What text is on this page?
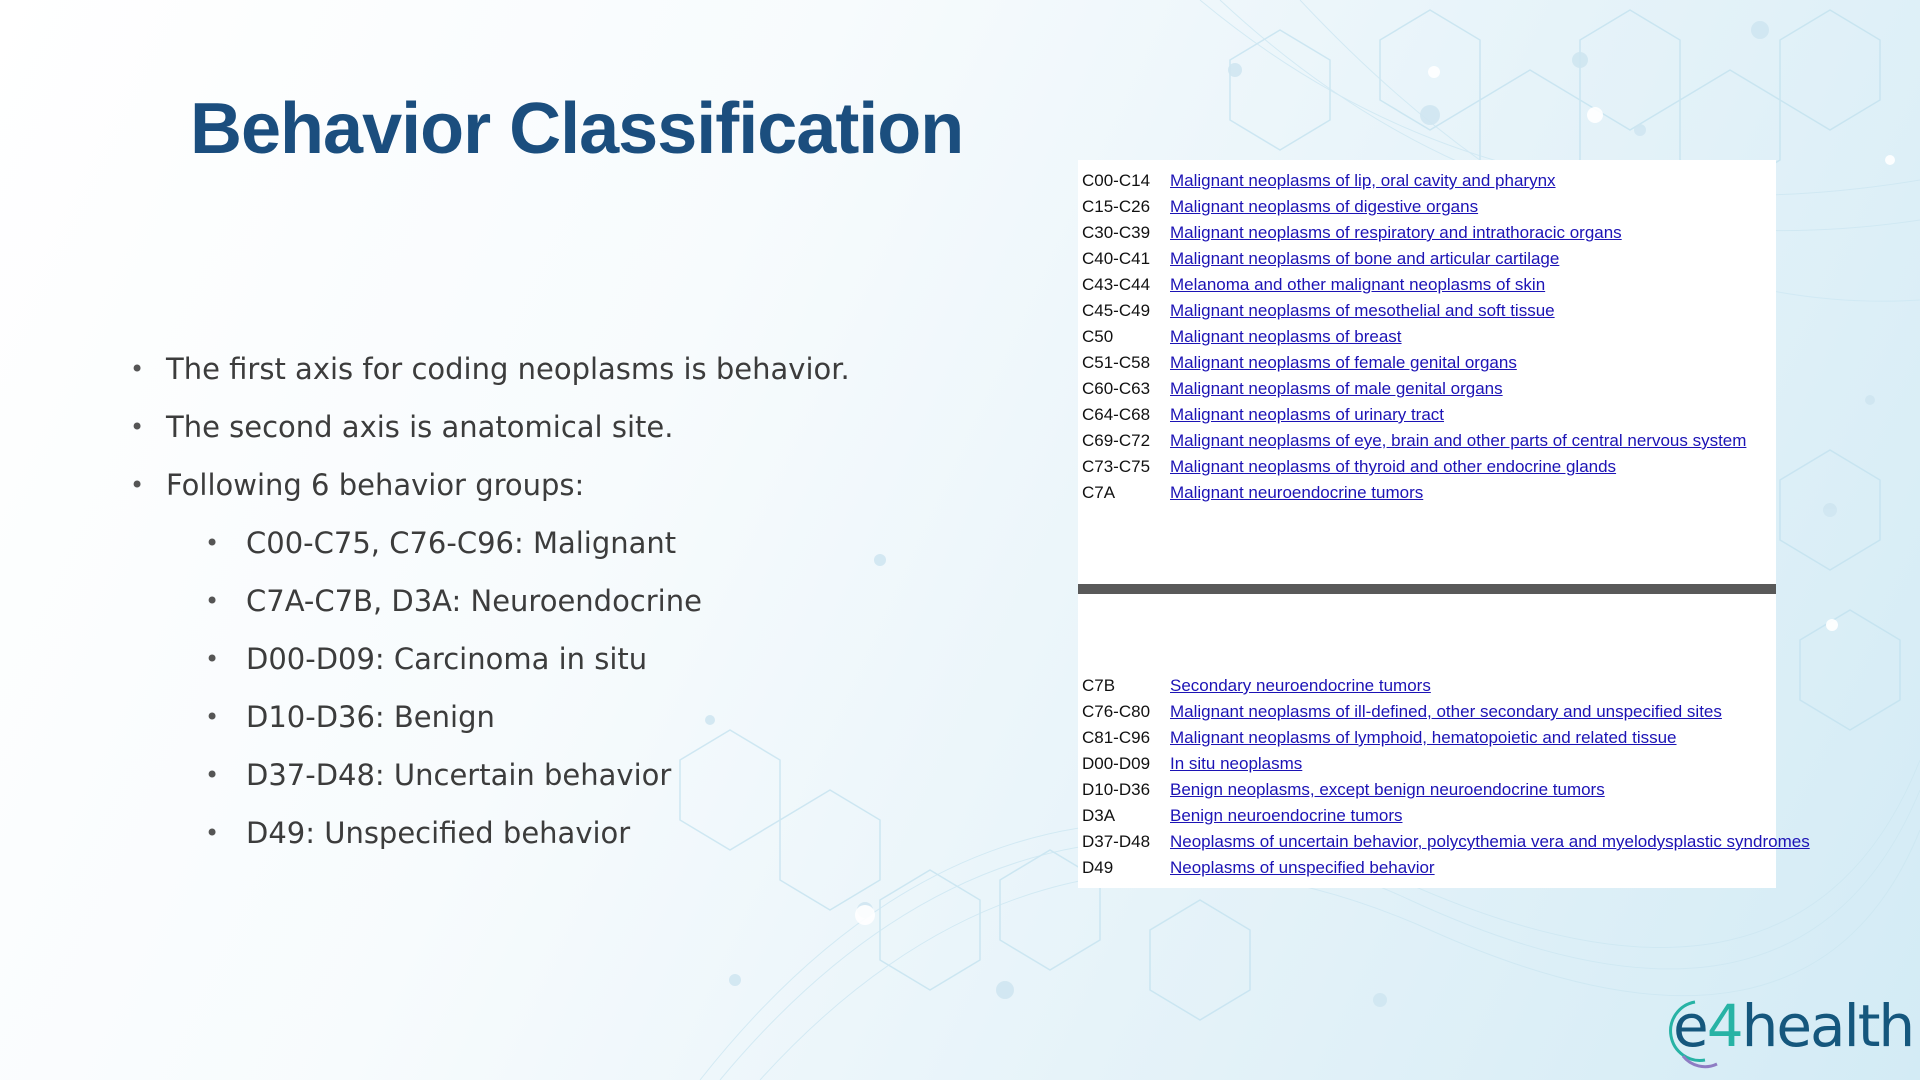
Behavior Classification
• The first axis for coding neoplasms is behavior.
• The second axis is anatomical site.
• Following 6 behavior groups:
• C00-C75, C76-C96: Malignant
• C7A-C7B, D3A: Neuroendocrine
• D00-D09: Carcinoma in situ
• D10-D36: Benign
• D37-D48: Uncertain behavior
• D49: Unspecified behavior
C00-C14 Malignant neoplasms of lip, oral cavity and pharynx
C15-C26 Malignant neoplasms of digestive organs
C30-C39 Malignant neoplasms of respiratory and intrathoracic organs
C40-C41 Malignant neoplasms of bone and articular cartilage
C43-C44 Melanoma and other malignant neoplasms of skin
C45-C49 Malignant neoplasms of mesothelial and soft tissue
C50	Malignant neoplasms of breast
C51-C58 Malignant neoplasms of female genital organs
C60-C63 Malignant neoplasms of male genital organs
C64-C68 Malignant neoplasms of urinary tract
C69-C72 Malignant neoplasms of eye, brain and other parts of central nervous system
C73-C75 Malignant neoplasms of thyroid and other endocrine glands
C7A	Malignant neuroendocrine tumors
C7B	Secondary neuroendocrine tumors
C76-C80 Malignant neoplasms of ill-defined, other secondary and unspecified sites
C81-C96 Malignant neoplasms of lymphoid, hematopoietic and related tissue
D00-D09 In situ neoplasms
D10-D36 Benign neoplasms, except benign neuroendocrine tumors
D3A	Benign neuroendocrine tumors
D37-D48 Neoplasms of uncertain behavior, polycythemia vera and myelodysplastic syndromes
D49	Neoplasms of unspecified behavior
e4health
